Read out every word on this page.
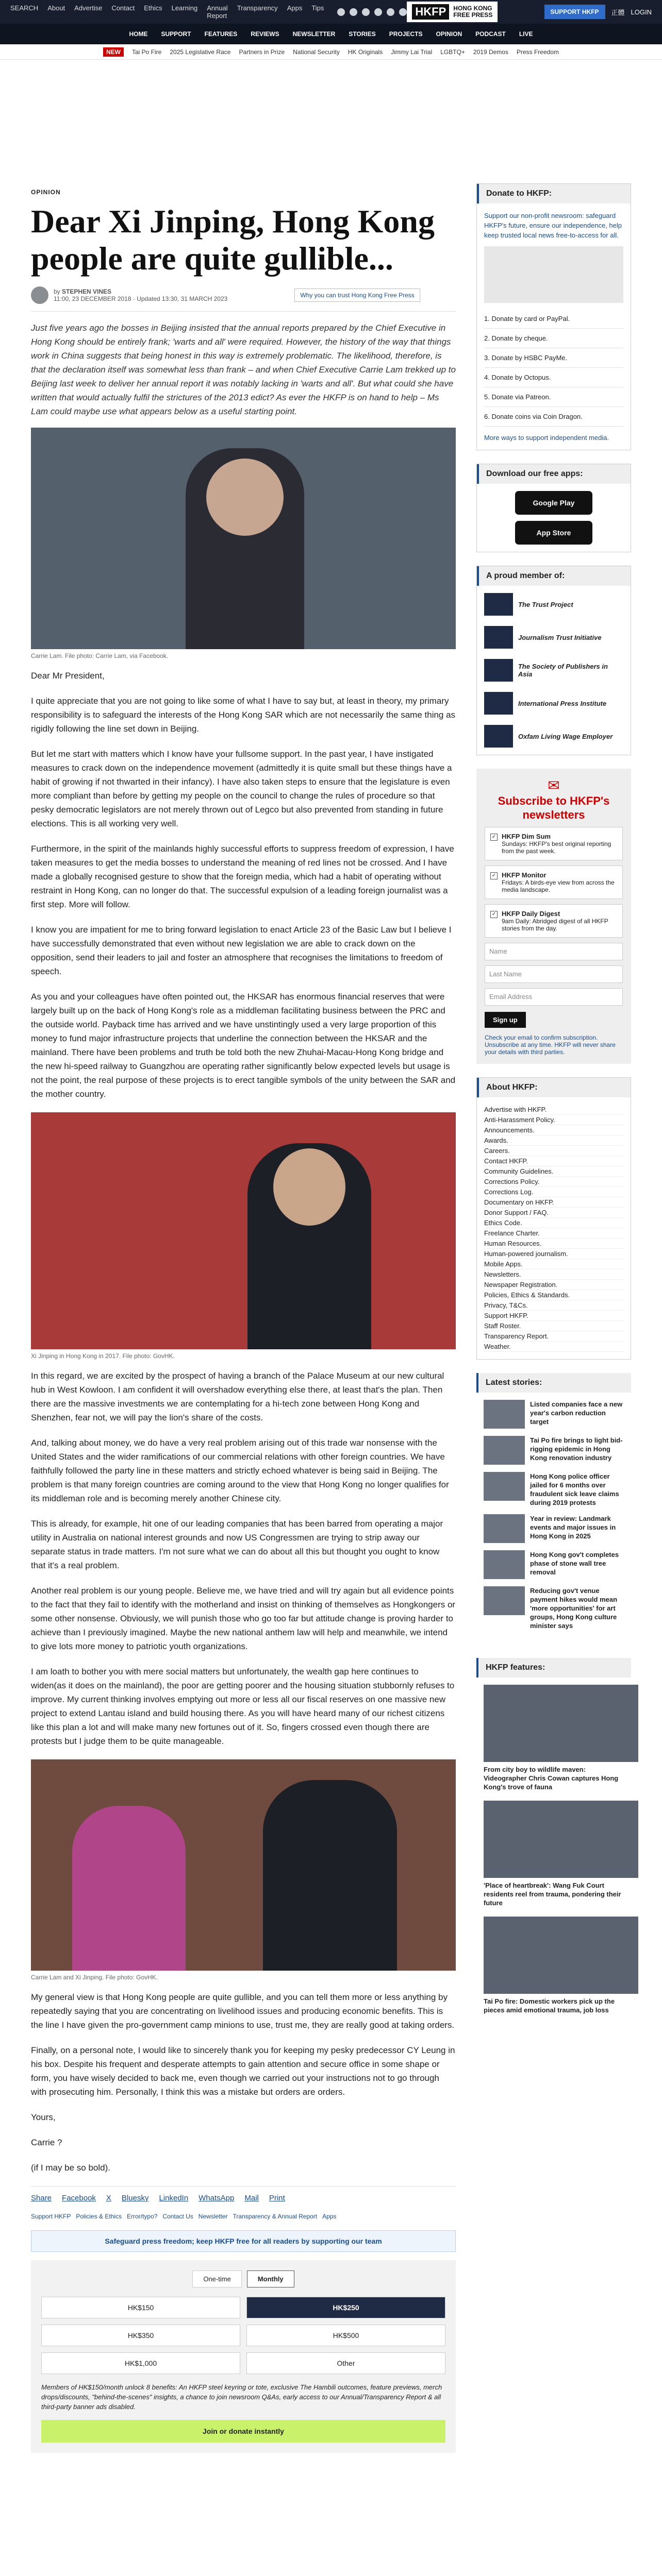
SEARCH About Advertise Contact Ethics Learning Annual Report
Transparency Apps Tips	HKFP	HONG KONG
FREE PRESS	SUPPORT HKFP	正體 LOGIN
HOME SUPPORT FEATURES REVIEWS NEWSLETTER STORIES PROJECTS OPINION PODCAST LIVE
NEW	Tai Po Fire 2025 Legislative Race Partners in Prize National Security HK Originals Jimmy Lai Trial LGBTQ+ 2019 Demos Press Freedom
OPINION
Dear Xi Jinping, Hong Kong people are quite gullible...
by STEPHEN VINES
11:00, 23 DECEMBER 2018 · Updated 13:30, 31 MARCH 2023	Why you can trust Hong Kong Free Press

Just five years ago the bosses in Beijing insisted that the annual reports prepared by the Chief Executive in Hong Kong should be entirely frank; 'warts and all' were required. However, the history of the way that things work in China suggests that being honest in this way is extremely problematic. The likelihood, therefore, is that the declaration itself was somewhat less than frank – and when Chief Executive Carrie Lam trekked up to Beijing last week to deliver her annual report it was notably lacking in 'warts and all'. But what could she have written that would actually fulfil the strictures of the 2013 edict? As ever the HKFP is on hand to help – Ms Lam could maybe use what appears below as a useful starting point.

Carrie Lam. File photo: Carrie Lam, via Facebook.

Dear Mr President,

I quite appreciate that you are not going to like some of what I have to say but, at least in theory, my primary responsibility is to safeguard the interests of the Hong Kong SAR which are not necessarily the same thing as rigidly following the line set down in Beijing.

But let me start with matters which I know have your fullsome support. In the past year, I have instigated measures to crack down on the independence movement (admittedly it is quite small but these things have a habit of growing if not thwarted in their infancy). I have also taken steps to ensure that the legislature is even more compliant than before by getting my people on the council to change the rules of procedure so that pesky democratic legislators are not merely thrown out of Legco but also prevented from standing in future elections. This is all working very well.

Furthermore, in the spirit of the mainlands highly successful efforts to suppress freedom of expression, I have taken measures to get the media bosses to understand the meaning of red lines not be crossed. And I have made a globally recognised gesture to show that the foreign media, which had a habit of operating without restraint in Hong Kong, can no longer do that. The successful expulsion of a leading foreign journalist was a first step. More will follow.

I know you are impatient for me to bring forward legislation to enact Article 23 of the Basic Law but I believe I have successfully demonstrated that even without new legislation we are able to crack down on the opposition, send their leaders to jail and foster an atmosphere that recognises the limitations to freedom of speech.

As you and your colleagues have often pointed out, the HKSAR has enormous financial reserves that were largely built up on the back of Hong Kong's role as a middleman facilitating business between the PRC and the outside world. Payback time has arrived and we have unstintingly used a very large proportion of this money to fund major infrastructure projects that underline the connection between the HKSAR and the mainland. There have been problems and truth be told both the new Zhuhai-Macau-Hong Kong bridge and the new hi-speed railway to Guangzhou are operating rather significantly below expected levels but usage is not the point, the real purpose of these projects is to erect tangible symbols of the unity between the SAR and the mother country.

Xi Jinping in Hong Kong in 2017. File photo: GovHK.

In this regard, we are excited by the prospect of having a branch of the Palace Museum at our new cultural hub in West Kowloon. I am confident it will overshadow everything else there, at least that's the plan. Then there are the massive investments we are contemplating for a hi-tech zone between Hong Kong and Shenzhen, fear not, we will pay the lion's share of the costs.

And, talking about money, we do have a very real problem arising out of this trade war nonsense with the United States and the wider ramifications of our commercial relations with other foreign countries. We have faithfully followed the party line in these matters and strictly echoed whatever is being said in Beijing. The problem is that many foreign countries are coming around to the view that Hong Kong no longer qualifies for its middleman role and is becoming merely another Chinese city.

This is already, for example, hit one of our leading companies that has been barred from operating a major utility in Australia on national interest grounds and now US Congressmen are trying to strip away our separate status in trade matters. I'm not sure what we can do about all this but thought you ought to know that it's a real problem.

Another real problem is our young people. Believe me, we have tried and will try again but all evidence points to the fact that they fail to identify with the motherland and insist on thinking of themselves as Hongkongers or some other nonsense. Obviously, we will punish those who go too far but attitude change is proving harder to achieve than I previously imagined. Maybe the new national anthem law will help and meanwhile, we intend to give lots more money to patriotic youth organizations.

I am loath to bother you with mere social matters but unfortunately, the wealth gap here continues to widen(as it does on the mainland), the poor are getting poorer and the housing situation stubbornly refuses to improve. My current thinking involves emptying out more or less all our fiscal reserves on one massive new project to extend Lantau island and build housing there. As you will have heard many of our richest citizens like this plan a lot and will make many new fortunes out of it. So, fingers crossed even though there are protests but I judge them to be quite manageable.

Carrie Lam and Xi Jinping. File photo: GovHK.

My general view is that Hong Kong people are quite gullible, and you can tell them more or less anything by repeatedly saying that you are concentrating on livelihood issues and producing economic benefits. This is the line I have given the pro-government camp minions to use, trust me, they are really good at taking orders.

Finally, on a personal note, I would like to sincerely thank you for keeping my pesky predecessor CY Leung in his box. Despite his frequent and desperate attempts to gain attention and secure office in some shape or form, you have wisely decided to back me, even though we carried out your instructions not to go through with prosecuting him. Personally, I think this was a mistake but orders are orders.

Yours,

Carrie ?

(if I may be so bold).

Share Facebook X Bluesky LinkedIn WhatsApp Mail Print
Support HKFP Policies & Ethics Error/typo? Contact Us Newsletter Transparency & Annual Report Apps
Safeguard press freedom; keep HKFP free for all readers by supporting our team
One-time	Monthly
HK$150	HK$250
HK$350	HK$500
HK$1,000	Other

Members of HK$150/month unlock 8 benefits: An HKFP steel keyring or tote, exclusive The Hambili outcomes, feature previews, merch drops/discounts, "behind-the-scenes" insights, a chance to join newsroom Q&As, early access to our Annual/Transparency Report & all third-party banner ads disabled.

Join or donate instantly
Donate to HKFP:

Support our non-profit newsroom: safeguard HKFP's future, ensure our independence, help keep trusted local news free-to-access for all.

1. Donate by card or PayPal.
2. Donate by cheque.
3. Donate by HSBC PayMe.
4. Donate by Octopus.
5. Donate via Patreon.
6. Donate coins via Coin Dragon.

More ways to support independent media.

Download our free apps:
Google Play
App Store
A proud member of:
The Trust Project
Journalism Trust Initiative
The Society of Publishers in Asia
International Press Institute
Oxfam Living Wage Employer
✉
Subscribe to HKFP's newsletters
✓ HKFP Dim Sum
Sundays: HKFP's best original reporting from the past week.
✓ HKFP Monitor
Fridays: A birds-eye view from across the media landscape.
✓ HKFP Daily Digest
9am Daily: Abridged digest of all HKFP stories from the day.
Name
Last Name
Email Address
Sign up

Check your email to confirm subscription. Unsubscribe at any time. HKFP will never share your details with third parties.

About HKFP:
Advertise with HKFP.
Anti-Harassment Policy.
Announcements.
Awards.
Careers.
Contact HKFP.
Community Guidelines.
Corrections Policy.
Corrections Log.
Documentary on HKFP.
Donor Support / FAQ.
Ethics Code.
Freelance Charter.
Human Resources.
Human-powered journalism.
Mobile Apps.
Newsletters.
Newspaper Registration.
Policies, Ethics & Standards.
Privacy, T&Cs.
Support HKFP.
Staff Roster.
Transparency Report.
Weather.
Latest stories:
Listed companies face a new year's carbon reduction target
Tai Po fire brings to light bid-rigging epidemic in Hong Kong renovation industry
Hong Kong police officer jailed for 6 months over fraudulent sick leave claims during 2019 protests
Year in review: Landmark events and major issues in Hong Kong in 2025
Hong Kong gov't completes phase of stone wall tree removal
Reducing gov't venue payment hikes would mean 'more opportunities' for art groups, Hong Kong culture minister says
HKFP features:
From city boy to wildlife maven: Videographer Chris Cowan captures Hong Kong's trove of fauna
'Place of heartbreak': Wang Fuk Court residents reel from trauma, pondering their future
Tai Po fire: Domestic workers pick up the pieces amid emotional trauma, job loss
